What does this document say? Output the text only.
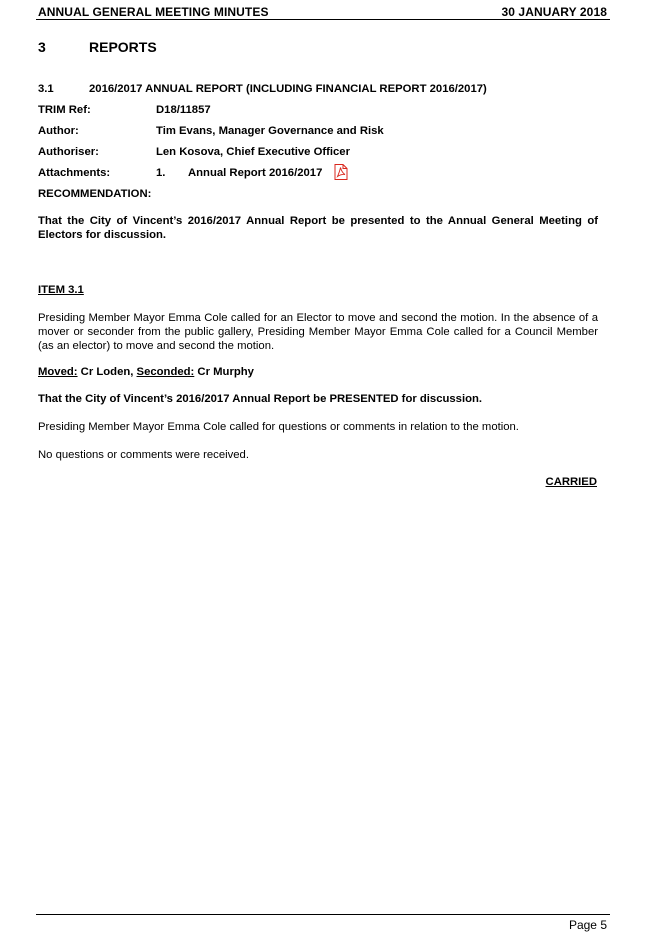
ANNUAL GENERAL MEETING MINUTES	30 JANUARY 2018
3	REPORTS
3.1	2016/2017 ANNUAL REPORT (INCLUDING FINANCIAL REPORT 2016/2017)
TRIM Ref:	D18/11857
Author:	Tim Evans, Manager Governance and Risk
Authoriser:	Len Kosova, Chief Executive Officer
Attachments:	1. Annual Report 2016/2017
RECOMMENDATION:
That the City of Vincent’s 2016/2017 Annual Report be presented to the Annual General Meeting of Electors for discussion.
ITEM 3.1
Presiding Member Mayor Emma Cole called for an Elector to move and second the motion. In the absence of a mover or seconder from the public gallery, Presiding Member Mayor Emma Cole called for a Council Member (as an elector) to move and second the motion.
Moved: Cr Loden, Seconded: Cr Murphy
That the City of Vincent’s 2016/2017 Annual Report be PRESENTED for discussion.
Presiding Member Mayor Emma Cole called for questions or comments in relation to the motion.
No questions or comments were received.
CARRIED
Page 5
